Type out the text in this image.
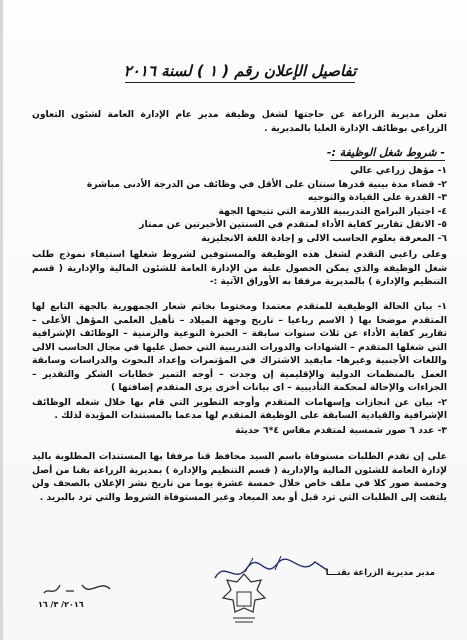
تفاصيل الإعلان رقم ( ١ ) لسنة ٢٠١٦
تعلن مديرية الزراعة عن حاجتها لشغل وظيفة مدير عام الإدارة العامة لشئون التعاون الزراعي بوظائف الإدارة العليا بالمديرية .
- شروط شغل الوظيفة :-
١- مؤهل زراعي عالي
٢- قضاء مدة بينية قدرها سنتان على الأقل في وظائف من الدرجة الأدنى مباشرة
٣- القدرة على القيادة والتوجيه
٤- اجتياز البرامج التدريبية اللازمة التي تتيحها الجهة
٥- الاتقل تقارير كفاية الأداء لمتقدم في السنتين الأخيرتين عن ممتاز
٦- المعرفة بعلوم الحاسب الالى و إجادة اللغة الانجليزية
وعلى راغبي التقدم لشغل هذه الوظيفة والمستوفين لشروط شغلها استيفاء نموذج طلب شغل الوظيفة والذي يمكن الحصول علية من الإدارة العامة للشئون المالية والإدارية ( قسم التنظيم والإدارة ) بالمديرية مرفقا به الأوراق الآتية :-
١- بيان الحالة الوظيفية للمتقدم معتمدا ومختوما بخاتم شعار الجمهورية بالجهة التابع لها المتقدم موضحا بها ( الاسم رباعيا – تاريخ وجهة الميلاد – تأهيل العلمي المؤهل الأعلى – تقارير كفاية الأداء عن ثلاث سنوات سابقة – الخبرة النوعية والزمنية – الوظائف الإشرافية التي شغلها المتقدم – الشهادات والدورات التدريبية التي حصل عليها في مجال الحاسب الالى واللغات الأجنبية وغيرها- مايفيد الاشتراك في المؤتمرات وإعداد البحوث والدراسات وسابقة العمل بالمنظمات الدولية والإقليمية إن وجدت – أوجه التميز خطابات الشكر والتقدير – الجزاءات والإحالة لمحكمة التأديبية – اى بيانات أخرى يرى المتقدم إضافتها )
٢- بيان عن انجازات وإسهامات المتقدم وأوجه التطوير التي قام بها خلال شغله الوظائف الإشرافية والقيادية السابقة على الوظيفة المتقدم لها مدعما بالمستندات المؤيدة لذلك .
٣- عدد ٦ صور شمسية لمتقدم مقاس ٤*٦ حديثة
على إن تقدم الطلبات مستوفاة باسم السيد محافظ قنا مرفقا بها المستندات المطلوبة باليد لإدارة العامة للشئون المالية والإدارية ( قسم التنظيم والإدارة ) بمديرية الزراعة بقنا من أصل وخمسة صور كلا في ملف خاص خلال خمسة عشرة يوما من تاريخ نشر الإعلان بالصحف ولن يلتفت إلى الطلبات التي ترد قبل أو بعد الميعاد وغير المستوفاة الشروط والتي ترد بالبريد .
مدير مديرية الزراعة بقنـــا
٢٠١٦/ ٣/ ١٦
